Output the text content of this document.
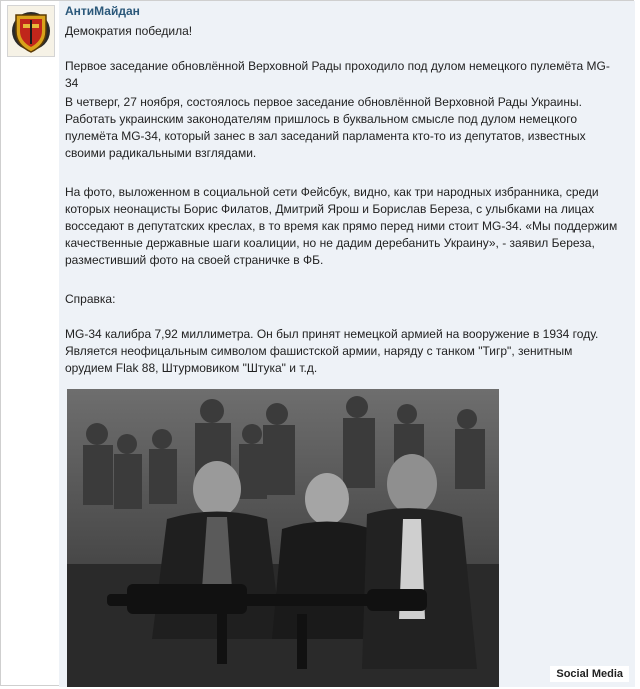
АнтиМайдан

Демократия победила!

Первое заседание обновлённой Верховной Рады проходило под дулом немецкого пулемёта MG-34

В четверг, 27 ноября, состоялось первое заседание обновлённой Верховной Рады Украины. Работать украинским законодателям пришлось в буквальном смысле под дулом немецкого пулемёта MG-34, который занес в зал заседаний парламента кто-то из депутатов, известных своими радикальными взглядами.

На фото, выложенном в социальной сети Фейсбук, видно, как три народных избранника, среди которых неонацисты Борис Филатов, Дмитрий Ярош и Борислав Береза, с улыбками на лицах восседают в депутатских креслах, в то время как прямо перед ними стоит MG-34. «Мы поддержим качественные державные шаги коалиции, но не дадим деребанить Украину», - заявил Береза, разместивший фото на своей страничке в ФБ.

Справка:

MG-34 калибра 7,92 миллиметра. Он был принят немецкой армией на вооружение в 1934 году. Является неофицальным символом фашистской армии, наряду с танком "Тигр", зенитным орудием Flak 88, Штурмовиком "Штука" и т.д.

Social Media
